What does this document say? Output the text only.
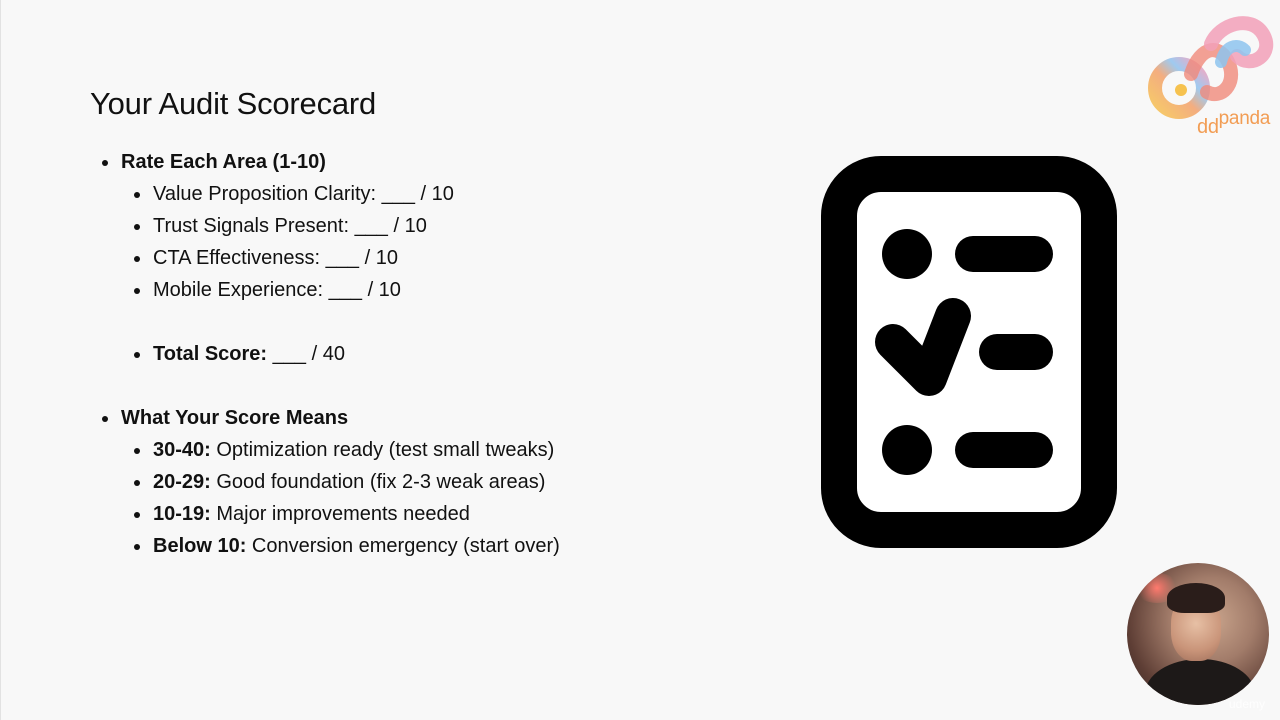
Your Audit Scorecard
Rate Each Area (1-10)
Value Proposition Clarity: ___ / 10
Trust Signals Present: ___ / 10
CTA Effectiveness: ___ / 10
Mobile Experience: ___ / 10
Total Score: ___ / 40
What Your Score Means
30-40: Optimization ready (test small tweaks)
20-29: Good foundation (fix 2-3 weak areas)
10-19: Major improvements needed
Below 10: Conversion emergency (start over)
ddpanda
udemy
